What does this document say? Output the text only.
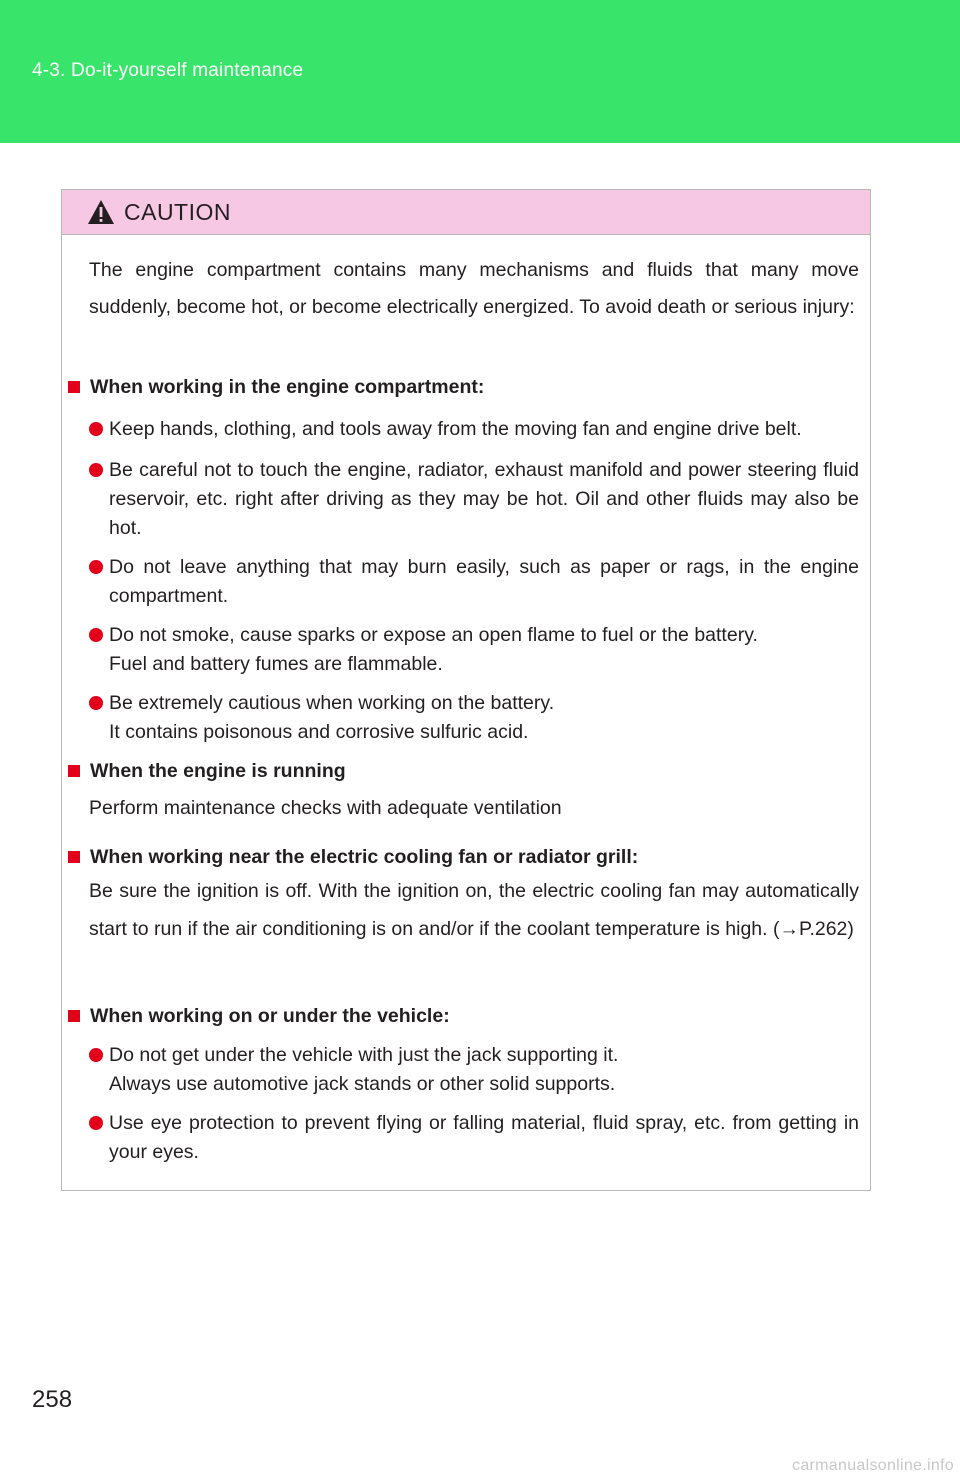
4-3. Do-it-yourself maintenance
CAUTION
The engine compartment contains many mechanisms and fluids that many move suddenly, become hot, or become electrically energized. To avoid death or serious injury:
When working in the engine compartment:
Keep hands, clothing, and tools away from the moving fan and engine drive belt.
Be careful not to touch the engine, radiator, exhaust manifold and power steering fluid reservoir, etc. right after driving as they may be hot. Oil and other fluids may also be hot.
Do not leave anything that may burn easily, such as paper or rags, in the engine compartment.
Do not smoke, cause sparks or expose an open flame to fuel or the battery.
Fuel and battery fumes are flammable.
Be extremely cautious when working on the battery.
It contains poisonous and corrosive sulfuric acid.
When the engine is running
Perform maintenance checks with adequate ventilation
When working near the electric cooling fan or radiator grill:
Be sure the ignition is off. With the ignition on, the electric cooling fan may automatically start to run if the air conditioning is on and/or if the coolant temperature is high. (→P.262)
When working on or under the vehicle:
Do not get under the vehicle with just the jack supporting it.
Always use automotive jack stands or other solid supports.
Use eye protection to prevent flying or falling material, fluid spray, etc. from getting in your eyes.
258
carmanualsonline.info
